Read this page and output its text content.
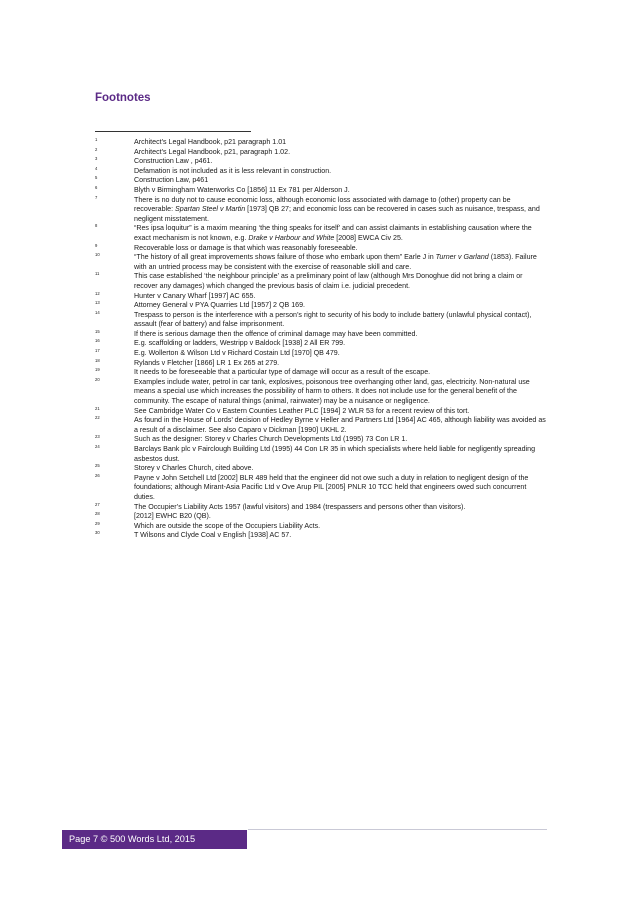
Footnotes
1	Architect’s Legal Handbook, p21 paragraph 1.01
2	Architect’s Legal Handbook, p21, paragraph 1.02.
3	Construction Law , p461.
4	Defamation is not included as it is less relevant in construction.
5	Construction Law, p461
6	Blyth v Birmingham Waterworks Co [1856] 11 Ex 781 per Alderson J.
7	There is no duty not to cause economic loss, although economic loss associated with damage to (other) property can be recoverable: Spartan Steel v Martin [1973] QB 27; and economic loss can be recovered in cases such as nuisance, trespass, and negligent misstatement.
8	“Res ipsa loquitur” is a maxim meaning ‘the thing speaks for itself’ and can assist claimants in establishing causation where the exact mechanism is not known, e.g. Drake v Harbour and White [2008] EWCA Civ 25.
9	Recoverable loss or damage is that which was reasonably foreseeable.
10	“The history of all great improvements shows failure of those who embark upon them” Earle J in Turner v Garland (1853). Failure with an untried process may be consistent with the exercise of reasonable skill and care.
11	This case established ‘the neighbour principle’ as a preliminary point of law (although Mrs Donoghue did not bring a claim or recover any damages) which changed the previous basis of claim i.e. judicial precedent.
12	Hunter v Canary Wharf [1997] AC 655.
13	Attorney General v PYA Quarries Ltd [1957] 2 QB 169.
14	Trespass to person is the interference with a person’s right to security of his body to include battery (unlawful physical contact), assault (fear of battery) and false imprisonment.
15	If there is serious damage then the offence of criminal damage may have been committed.
16	E.g. scaffolding or ladders, Westripp v Baldock [1938] 2 All ER 799.
17	E.g. Wollerton & Wilson Ltd v Richard Costain Ltd [1970] QB 479.
18	Rylands v Fletcher [1866] LR 1 Ex 265 at 279.
19	It needs to be foreseeable that a particular type of damage will occur as a result of the escape.
20	Examples include water, petrol in car tank, explosives, poisonous tree overhanging other land, gas, electricity. Non-natural use means a special use which increases the possibility of harm to others. It does not include use for the general benefit of the community. The escape of natural things (animal, rainwater) may be a nuisance or negligence.
21	See Cambridge Water Co v Eastern Counties Leather PLC [1994] 2 WLR 53 for a recent review of this tort.
22	As found in the House of Lords’ decision of Hedley Byrne v Heller and Partners Ltd [1964] AC 465, although liability was avoided as a result of a disclaimer. See also Caparo v Dickman [1990] UKHL 2.
23	Such as the designer: Storey v Charles Church Developments Ltd (1995) 73 Con LR 1.
24	Barclays Bank plc v Fairclough Building Ltd (1995) 44 Con LR 35 in which specialists where held liable for negligently spreading asbestos dust.
25	Storey v Charles Church, cited above.
26	Payne v John Setchell Ltd [2002] BLR 489 held that the engineer did not owe such a duty in relation to negligent design of the foundations; although Mirant-Asia Pacific Ltd v Ove Arup PIL [2005] PNLR 10 TCC held that engineers owed such concurrent duties.
27	The Occupier’s Liability Acts 1957 (lawful visitors) and 1984 (trespassers and persons other than visitors).
28	[2012] EWHC B20 (QB).
29	Which are outside the scope of the Occupiers Liability Acts.
30	T Wilsons and Clyde Coal v English [1938] AC 57.
Page 7 © 500 Words Ltd, 2015
